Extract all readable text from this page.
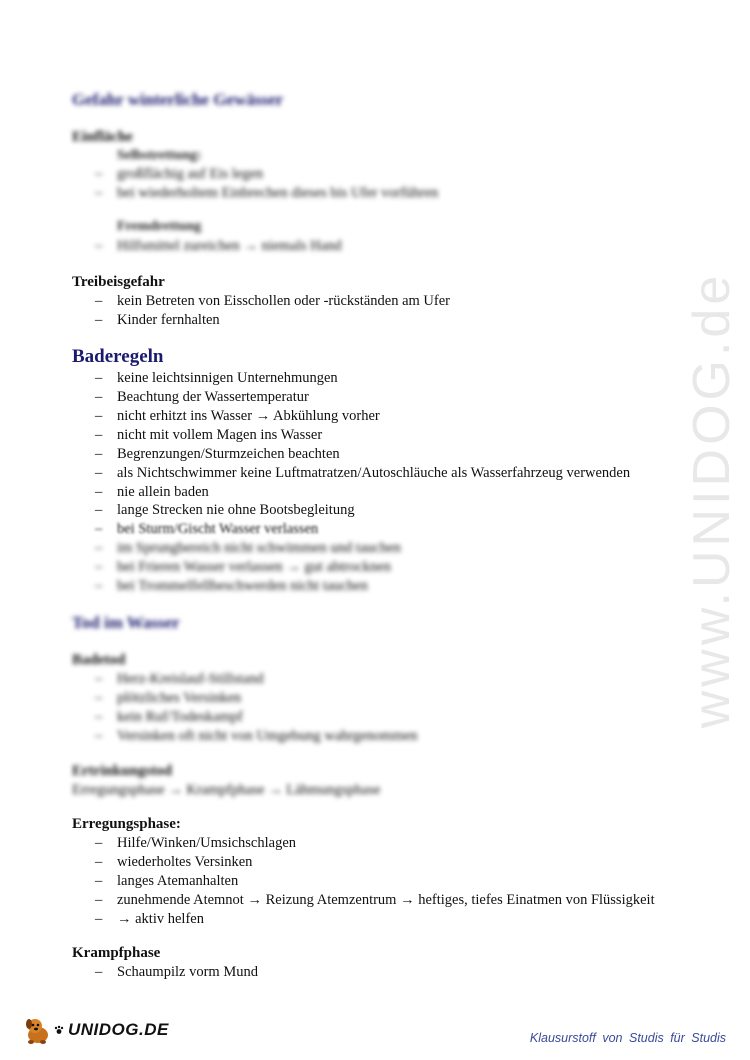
www.UNIDOG.de
Gefahr winterliche Gewässer
Einfläche
Selbstrettung:
– großflächig auf Eis legen
– bei wiederholtem Einbrechen dieses bis Ufer vorführen
Fremdrettung
– Hilfsmittel zureichen → niemals Hand
Treibeisgefahr
– kein Betreten von Eisschollen oder -rückständen am Ufer
– Kinder fernhalten
Baderegeln
– keine leichtsinnigen Unternehmungen
– Beachtung der Wassertemperatur
– nicht erhitzt ins Wasser → Abkühlung vorher
– nicht mit vollem Magen ins Wasser
– Begrenzungen/Sturmzeichen beachten
– als Nichtschwimmer keine Luftmatratzen/Autoschläuche als Wasserfahrzeug verwenden
– nie allein baden
– lange Strecken nie ohne Bootsbegleitung
– bei Sturm/Gischt Wasser verlassen
– im Sprungbereich nicht schwimmen und tauchen
– bei Frieren Wasser verlassen → gut abtrocknen
– bei Trommelfellbeschwerden nicht tauchen
Tod im Wasser
Badetod
– Herz-Kreislauf-Stillstand
– plötzliches Versinken
– kein Ruf/Todeskampf
– Versinken oft nicht von Umgebung wahrgenommen
Ertrinkungstod
Erregungsphase → Krampfphase → Lähmungsphase
Erregungsphase:
– Hilfe/Winken/Umsichschlagen
– wiederholtes Versinken
– langes Atemanhalten
– zunehmende Atemnot → Reizung Atemzentrum → heftiges, tiefes Einatmen von Flüssigkeit
– → aktiv helfen
Krampfphase
– Schaumpilz vorm Mund
UNIDOG.DE	Klausurstoff von Studis für Studis
